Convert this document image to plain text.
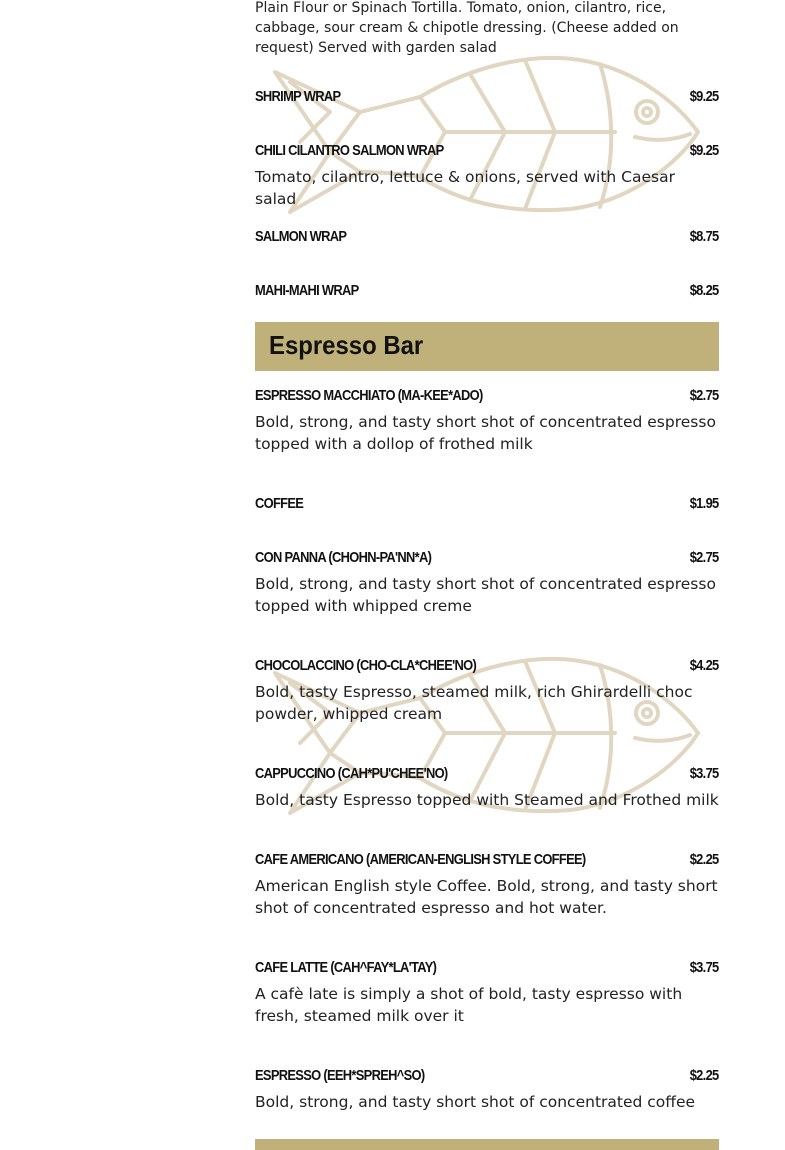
Plain Flour or Spinach Tortilla. Tomato, onion, cilantro, rice, cabbage, sour cream & chipotle dressing. (Cheese added on request) Served with garden salad
SHRIMP WRAP	$9.25
CHILI CILANTRO SALMON WRAP	$9.25
Tomato, cilantro, lettuce & onions, served with Caesar salad
SALMON WRAP	$8.75
MAHI-MAHI WRAP	$8.25
Espresso Bar
ESPRESSO MACCHIATO (MA-KEE*ADO)	$2.75
Bold, strong, and tasty short shot of concentrated espresso topped with a dollop of frothed milk
COFFEE	$1.95
CON PANNA (CHOHN-PA'NN*A)	$2.75
Bold, strong, and tasty short shot of concentrated espresso topped with whipped creme
CHOCOLACCINO (CHO-CLA*CHEE'NO)	$4.25
Bold, tasty Espresso, steamed milk, rich Ghirardelli choc powder, whipped cream
CAPPUCCINO (CAH*PU'CHEE'NO)	$3.75
Bold, tasty Espresso topped with Steamed and Frothed milk
CAFE AMERICANO (AMERICAN-ENGLISH STYLE COFFEE)	$2.25
American English style Coffee. Bold, strong, and tasty short shot of concentrated espresso and hot water.
CAFE LATTE (CAH^FAY*LA'TAY)	$3.75
A cafè late is simply a shot of bold, tasty espresso with fresh, steamed milk over it
ESPRESSO (EEH*SPREH^SO)	$2.25
Bold, strong, and tasty short shot of concentrated coffee
